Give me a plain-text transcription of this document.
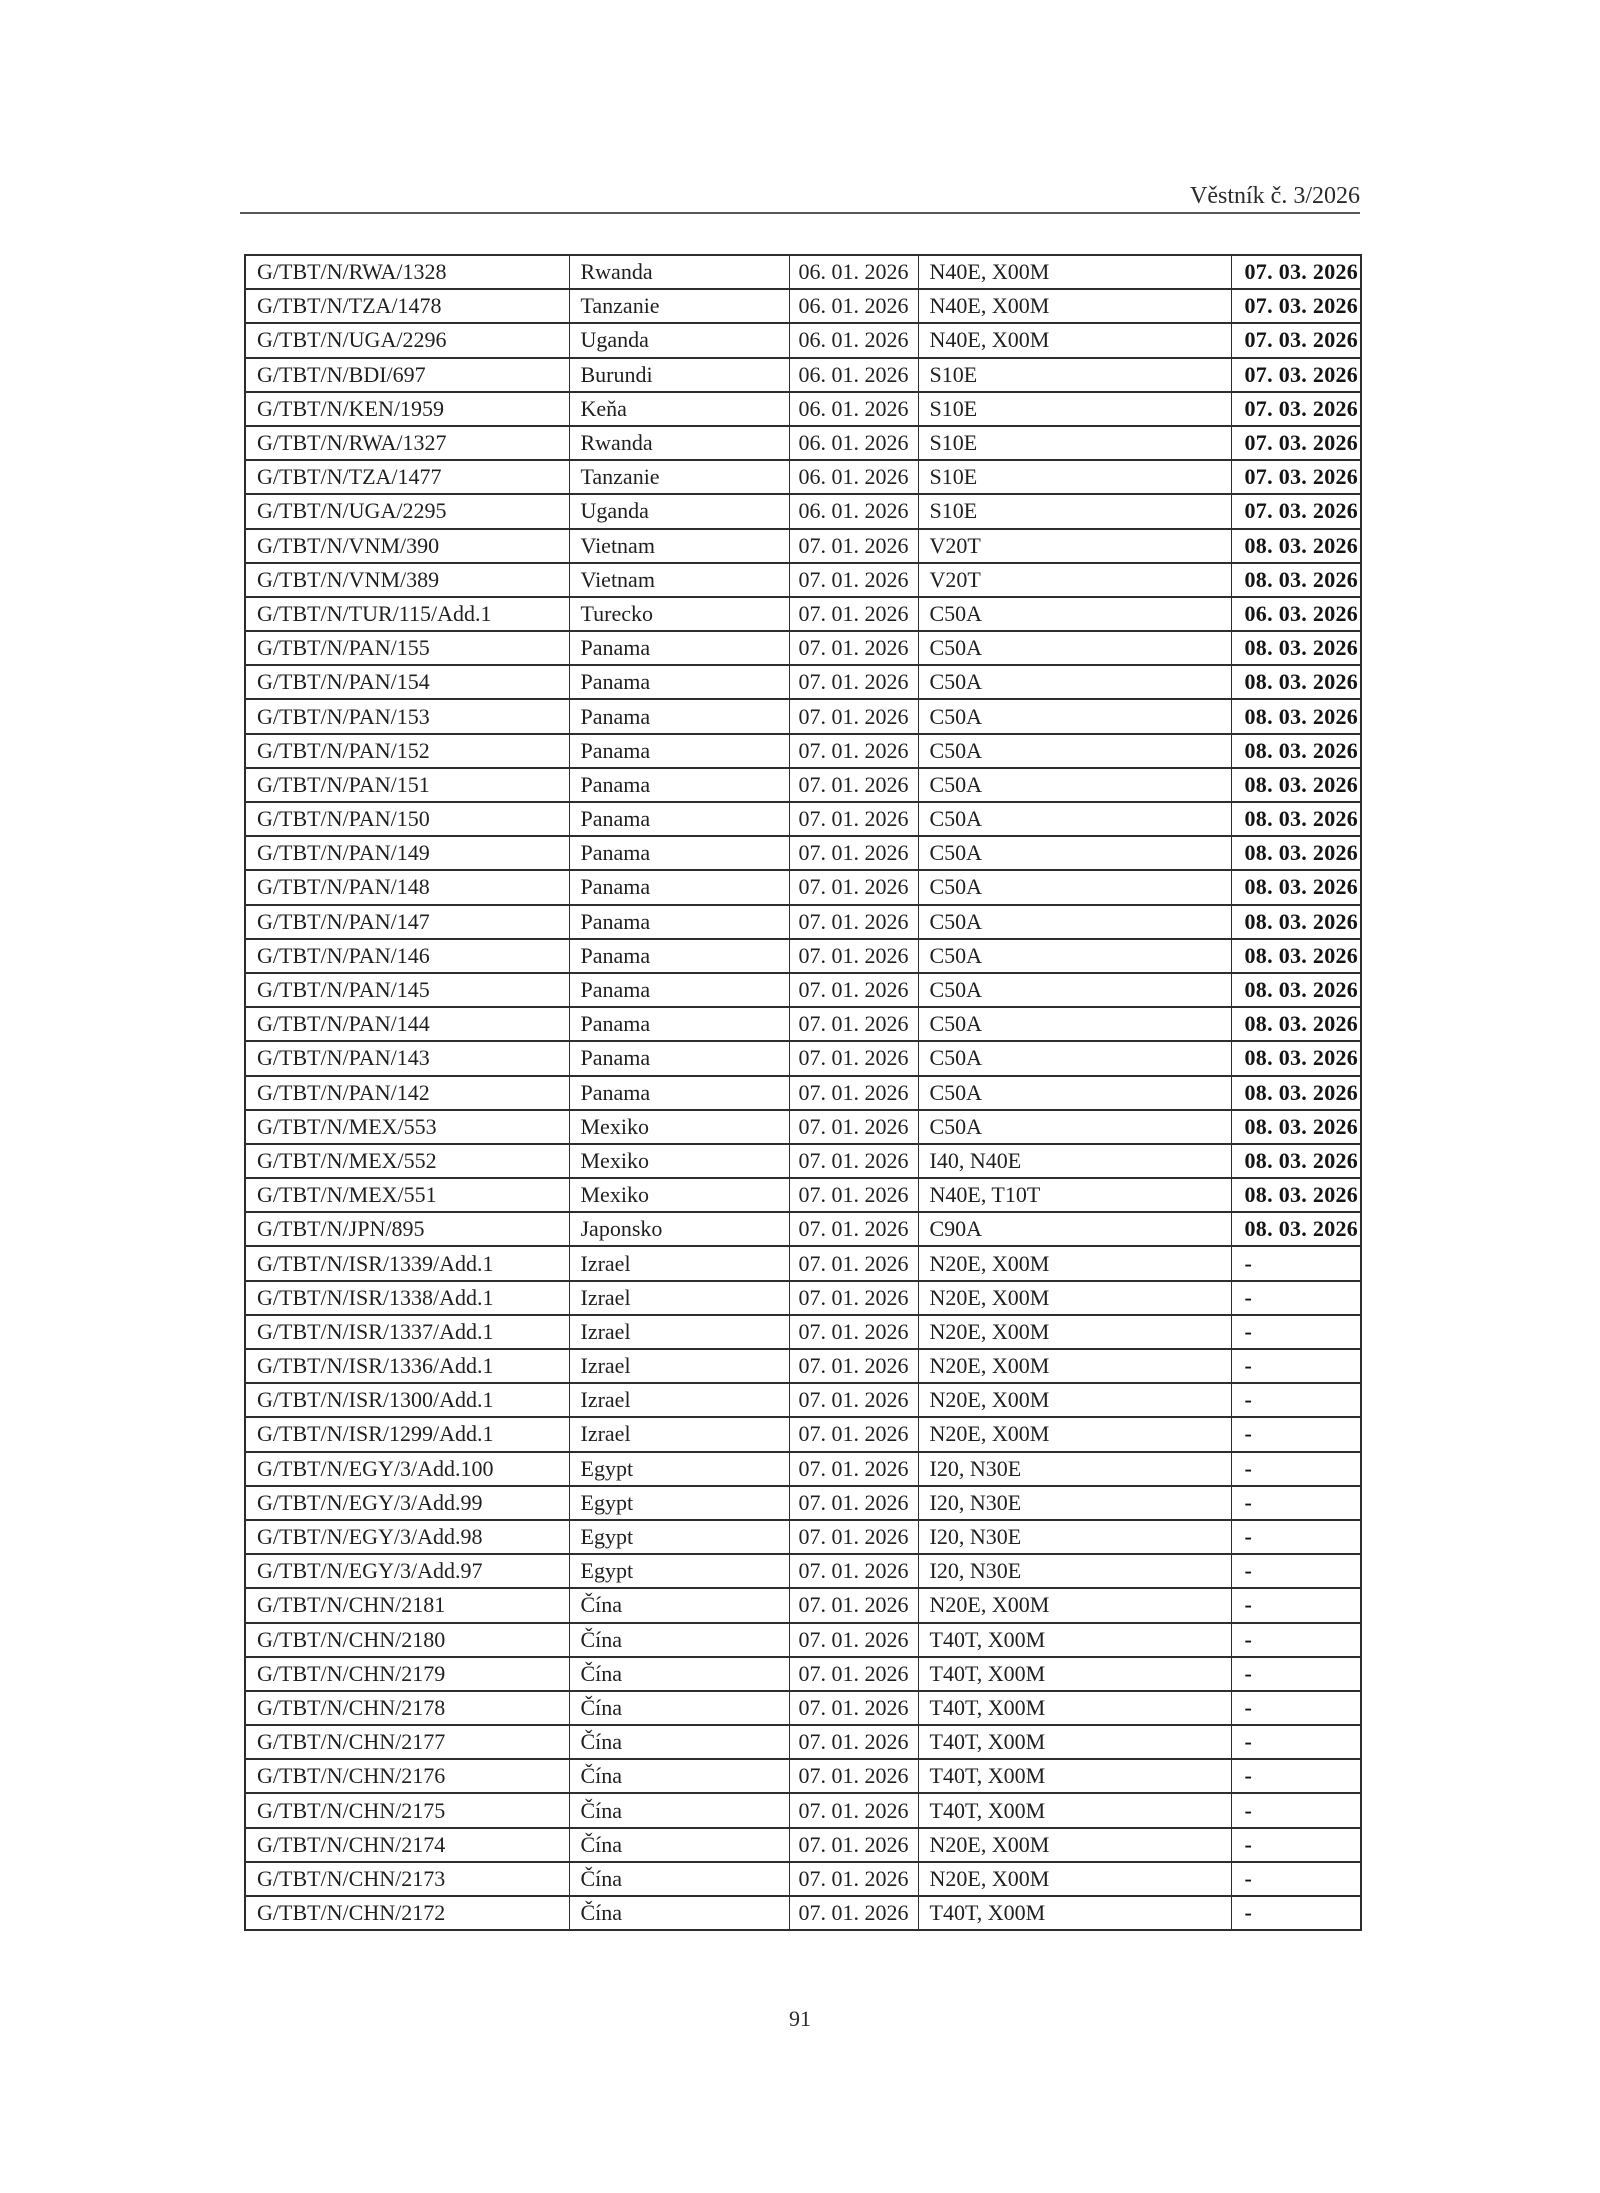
Věstník č. 3/2026
G/TBT/N/RWA/1328	Rwanda	06. 01. 2026	N40E, X00M	07. 03. 2026
G/TBT/N/TZA/1478	Tanzanie	06. 01. 2026	N40E, X00M	07. 03. 2026
G/TBT/N/UGA/2296	Uganda	06. 01. 2026	N40E, X00M	07. 03. 2026
G/TBT/N/BDI/697	Burundi	06. 01. 2026	S10E	07. 03. 2026
G/TBT/N/KEN/1959	Keňa	06. 01. 2026	S10E	07. 03. 2026
G/TBT/N/RWA/1327	Rwanda	06. 01. 2026	S10E	07. 03. 2026
G/TBT/N/TZA/1477	Tanzanie	06. 01. 2026	S10E	07. 03. 2026
G/TBT/N/UGA/2295	Uganda	06. 01. 2026	S10E	07. 03. 2026
G/TBT/N/VNM/390	Vietnam	07. 01. 2026	V20T	08. 03. 2026
G/TBT/N/VNM/389	Vietnam	07. 01. 2026	V20T	08. 03. 2026
G/TBT/N/TUR/115/Add.1	Turecko	07. 01. 2026	C50A	06. 03. 2026
G/TBT/N/PAN/155	Panama	07. 01. 2026	C50A	08. 03. 2026
G/TBT/N/PAN/154	Panama	07. 01. 2026	C50A	08. 03. 2026
G/TBT/N/PAN/153	Panama	07. 01. 2026	C50A	08. 03. 2026
G/TBT/N/PAN/152	Panama	07. 01. 2026	C50A	08. 03. 2026
G/TBT/N/PAN/151	Panama	07. 01. 2026	C50A	08. 03. 2026
G/TBT/N/PAN/150	Panama	07. 01. 2026	C50A	08. 03. 2026
G/TBT/N/PAN/149	Panama	07. 01. 2026	C50A	08. 03. 2026
G/TBT/N/PAN/148	Panama	07. 01. 2026	C50A	08. 03. 2026
G/TBT/N/PAN/147	Panama	07. 01. 2026	C50A	08. 03. 2026
G/TBT/N/PAN/146	Panama	07. 01. 2026	C50A	08. 03. 2026
G/TBT/N/PAN/145	Panama	07. 01. 2026	C50A	08. 03. 2026
G/TBT/N/PAN/144	Panama	07. 01. 2026	C50A	08. 03. 2026
G/TBT/N/PAN/143	Panama	07. 01. 2026	C50A	08. 03. 2026
G/TBT/N/PAN/142	Panama	07. 01. 2026	C50A	08. 03. 2026
G/TBT/N/MEX/553	Mexiko	07. 01. 2026	C50A	08. 03. 2026
G/TBT/N/MEX/552	Mexiko	07. 01. 2026	I40, N40E	08. 03. 2026
G/TBT/N/MEX/551	Mexiko	07. 01. 2026	N40E, T10T	08. 03. 2026
G/TBT/N/JPN/895	Japonsko	07. 01. 2026	C90A	08. 03. 2026
G/TBT/N/ISR/1339/Add.1	Izrael	07. 01. 2026	N20E, X00M	-
G/TBT/N/ISR/1338/Add.1	Izrael	07. 01. 2026	N20E, X00M	-
G/TBT/N/ISR/1337/Add.1	Izrael	07. 01. 2026	N20E, X00M	-
G/TBT/N/ISR/1336/Add.1	Izrael	07. 01. 2026	N20E, X00M	-
G/TBT/N/ISR/1300/Add.1	Izrael	07. 01. 2026	N20E, X00M	-
G/TBT/N/ISR/1299/Add.1	Izrael	07. 01. 2026	N20E, X00M	-
G/TBT/N/EGY/3/Add.100	Egypt	07. 01. 2026	I20, N30E	-
G/TBT/N/EGY/3/Add.99	Egypt	07. 01. 2026	I20, N30E	-
G/TBT/N/EGY/3/Add.98	Egypt	07. 01. 2026	I20, N30E	-
G/TBT/N/EGY/3/Add.97	Egypt	07. 01. 2026	I20, N30E	-
G/TBT/N/CHN/2181	Čína	07. 01. 2026	N20E, X00M	-
G/TBT/N/CHN/2180	Čína	07. 01. 2026	T40T, X00M	-
G/TBT/N/CHN/2179	Čína	07. 01. 2026	T40T, X00M	-
G/TBT/N/CHN/2178	Čína	07. 01. 2026	T40T, X00M	-
G/TBT/N/CHN/2177	Čína	07. 01. 2026	T40T, X00M	-
G/TBT/N/CHN/2176	Čína	07. 01. 2026	T40T, X00M	-
G/TBT/N/CHN/2175	Čína	07. 01. 2026	T40T, X00M	-
G/TBT/N/CHN/2174	Čína	07. 01. 2026	N20E, X00M	-
G/TBT/N/CHN/2173	Čína	07. 01. 2026	N20E, X00M	-
G/TBT/N/CHN/2172	Čína	07. 01. 2026	T40T, X00M	-
91
